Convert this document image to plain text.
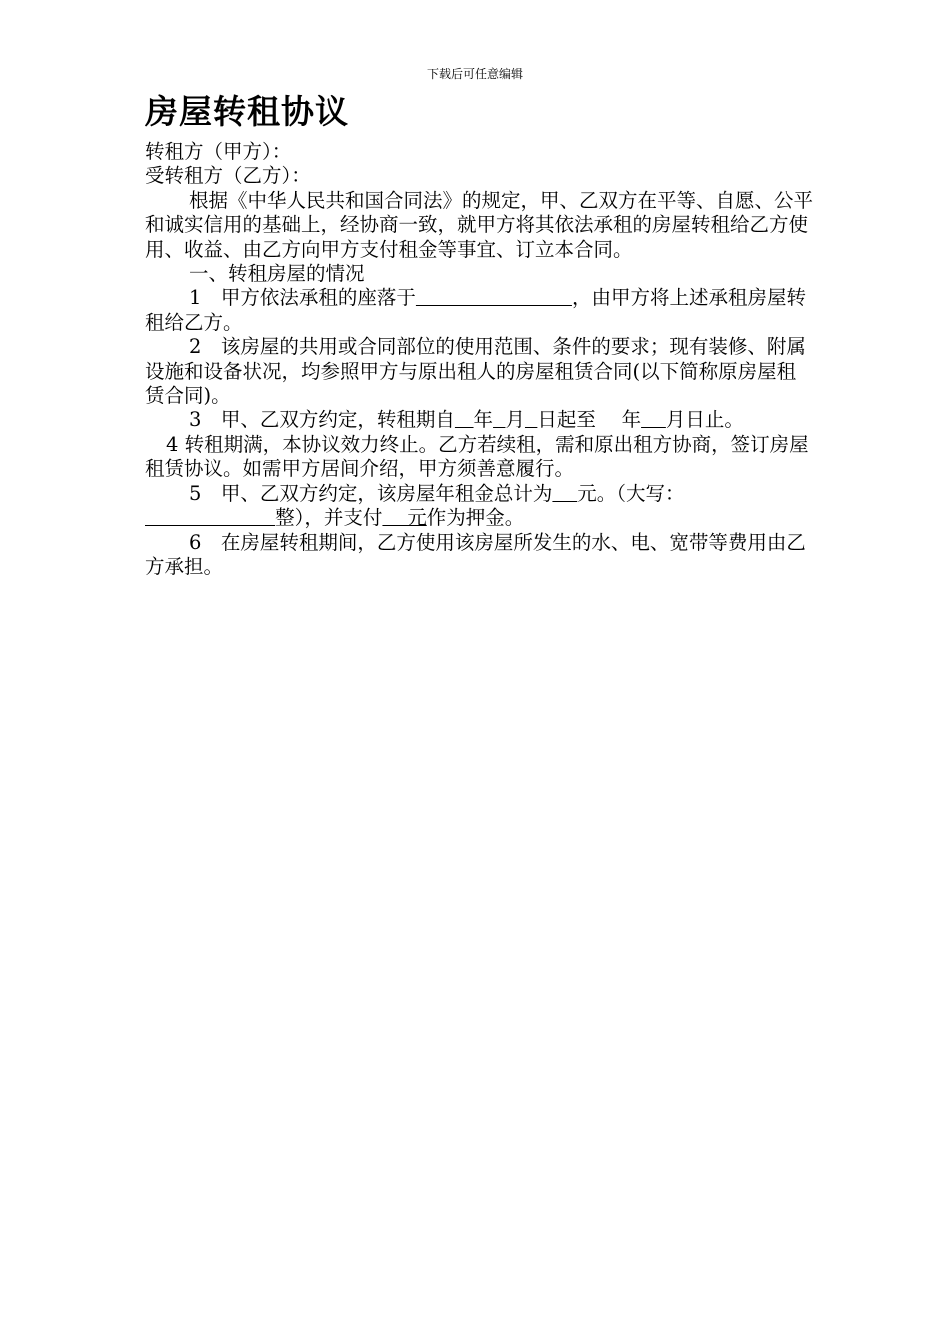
下载后可任意编辑
房屋转租协议

转租方（甲方）：

受转租方（乙方）：

根据《中华人民共和国合同法》的规定，甲、乙双方在平等、自愿、公平和诚实信用的基础上，经协商一致，就甲方将其依法承租的房屋转租给乙方使用、收益、由乙方向甲方支付租金等事宜、订立本合同。

一、转租房屋的情况

1　甲方依法承租的座落于　　　　　　　　	，由甲方将上述承租房屋转租给乙方。

2　该房屋的共用或合同部位的使用范围、条件的要求；现有装修、附属设施和设备状况，均参照甲方与原出租人的房屋租赁合同(以下简称原房屋租赁合同)。

3　甲、乙双方约定，转租期自 年 月 日起至　 年 月日止。

4 转租期满，本协议效力终止。乙方若续租，需和原出租方协商，签订房屋租赁协议。如需甲方居间介绍，甲方须善意履行。

5　甲、乙双方约定，该房屋年租金总计为 元。（大写：                     整），并支付    元作为押金。

6　在房屋转租期间，乙方使用该房屋所发生的水、电、宽带等费用由乙方承担。
